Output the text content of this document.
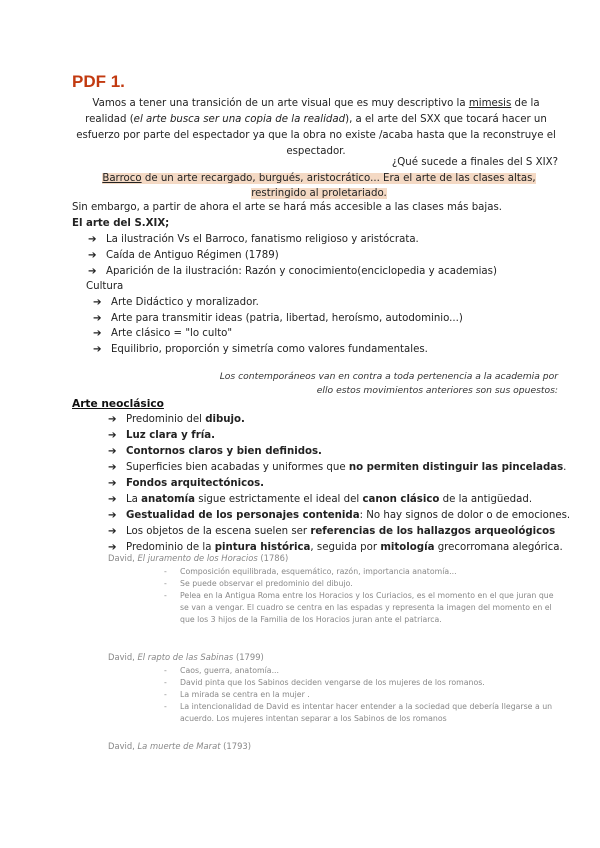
PDF 1.
Vamos a tener una transición de un arte visual que es muy descriptivo la mimesis de la realidad (el arte busca ser una copia de la realidad), a el arte del SXX que tocará hacer un esfuerzo por parte del espectador ya que la obra no existe /acaba hasta que la reconstruye el espectador.
¿Qué sucede a finales del S XIX?
Barroco de un arte recargado, burgués, aristocrático... Era el arte de las clases altas, restringido al proletariado.
Sin embargo, a partir de ahora el arte se hará más accesible a las clases más bajas.
El arte del S.XIX;
➔ La ilustración Vs el Barroco, fanatismo religioso y aristócrata.
➔ Caída de Antiguo Régimen (1789)
➔ Aparición de la ilustración: Razón y conocimiento(enciclopedia y academias)
Cultura
➔ Arte Didáctico y moralizador.
➔ Arte para transmitir ideas (patria, libertad, heroísmo, autodominio...)
➔ Arte clásico = "lo culto"
➔ Equilibrio, proporción y simetría como valores fundamentales.
Los contemporáneos van en contra a toda pertenencia a la academia por ello estos movimientos anteriores son sus opuestos:
Arte neoclásico
➔ Predominio del dibujo.
➔ Luz clara y fría.
➔ Contornos claros y bien definidos.
➔ Superficies bien acabadas y uniformes que no permiten distinguir las pinceladas.
➔ Fondos arquitectónicos.
➔ La anatomía sigue estrictamente el ideal del canon clásico de la antigüedad.
➔ Gestualidad de los personajes contenida: No hay signos de dolor o de emociones.
➔ Los objetos de la escena suelen ser referencias de los hallazgos arqueológicos
➔ Predominio de la pintura histórica, seguida por mitología grecorromana alegórica.
David, El juramento de los Horacios (1786)
- Composición equilibrada, esquemático, razón, importancia anatomía...
- Se puede observar el predominio del dibujo.
- Pelea en la Antigua Roma entre los Horacios y los Curiacios, es el momento en el que juran que se van a vengar. El cuadro se centra en las espadas y representa la imagen del momento en el que los 3 hijos de la Familia de los Horacios juran ante el patriarca.
David, El rapto de las Sabinas (1799)
- Caos, guerra, anatomía...
- David pinta que los Sabinos deciden vengarse de los mujeres de los romanos.
- La mirada se centra en la mujer .
- La intencionalidad de David es intentar hacer entender a la sociedad que debería llegarse a un acuerdo. Los mujeres intentan separar a los Sabinos de los romanos
David, La muerte de Marat (1793)
